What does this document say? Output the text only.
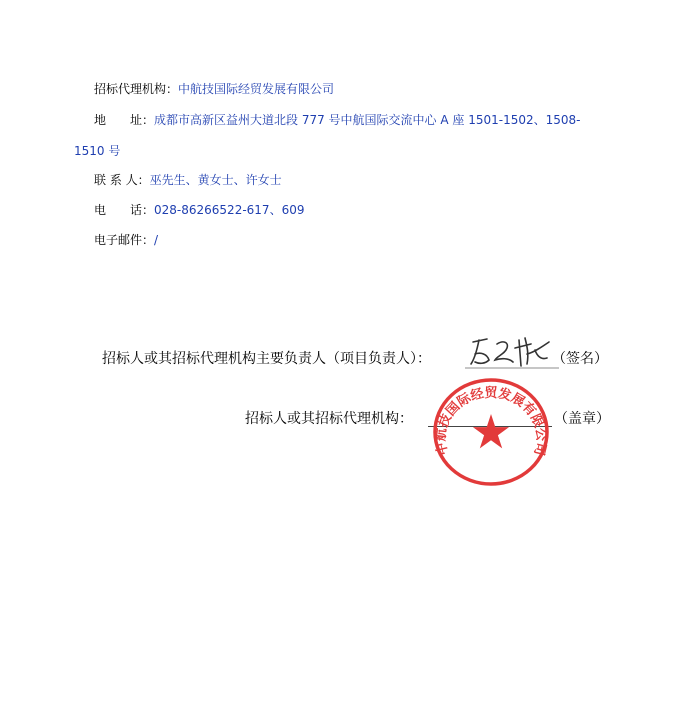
招标代理机构：中航技国际经贸发展有限公司
地　　址：成都市高新区益州大道北段 777 号中航国际交流中心 A 座 1501-1502、1508-
1510 号
联 系 人：巫先生、黄女士、许女士
电　　话：028-86266522-617、609
电子邮件：/
招标人或其招标代理机构主要负责人（项目负责人）：	（签名）
招标人或其招标代理机构：
中航技国际经贸发展有限公司
（盖章）
